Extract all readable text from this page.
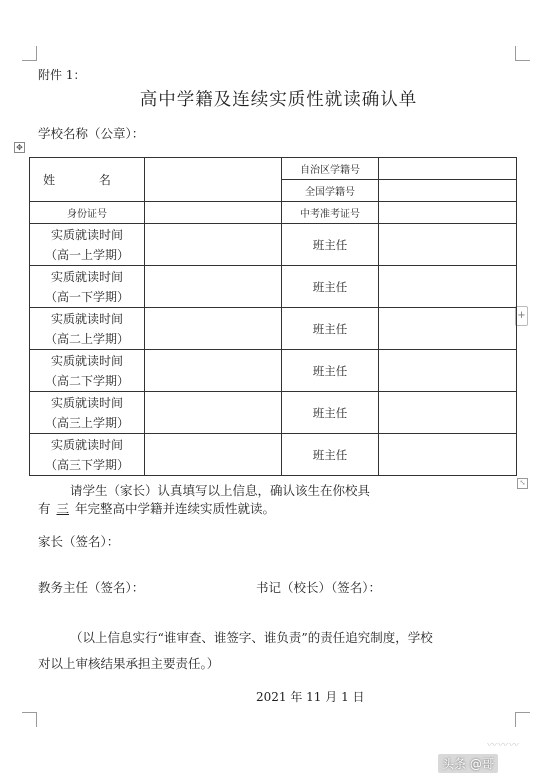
附件 1：
高中学籍及连续实质性就读确认单
学校名称（公章）：
✥
+
⤡
姓 名		自治区学籍号	
		全国学籍号	
身份证号		中考准考证号	
实质就读时间
（高一上学期）		班主任	
实质就读时间
（高一下学期）		班主任	
实质就读时间
（高二上学期）		班主任	
实质就读时间
（高二下学期）		班主任	
实质就读时间
（高三上学期）		班主任	
实质就读时间
（高三下学期）		班主任	
请学生（家长）认真填写以上信息，确认该生在你校具
有 三 年完整高中学籍并连续实质性就读。
家长（签名）：
教务主任（签名）：	书记（校长）（签名）：
（以上信息实行“谁审查、谁签字、谁负责”的责任追究制度，学校
对以上审核结果承担主要责任。）
2021 年 11 月 1 日
〰〰〰
头条 @哥
